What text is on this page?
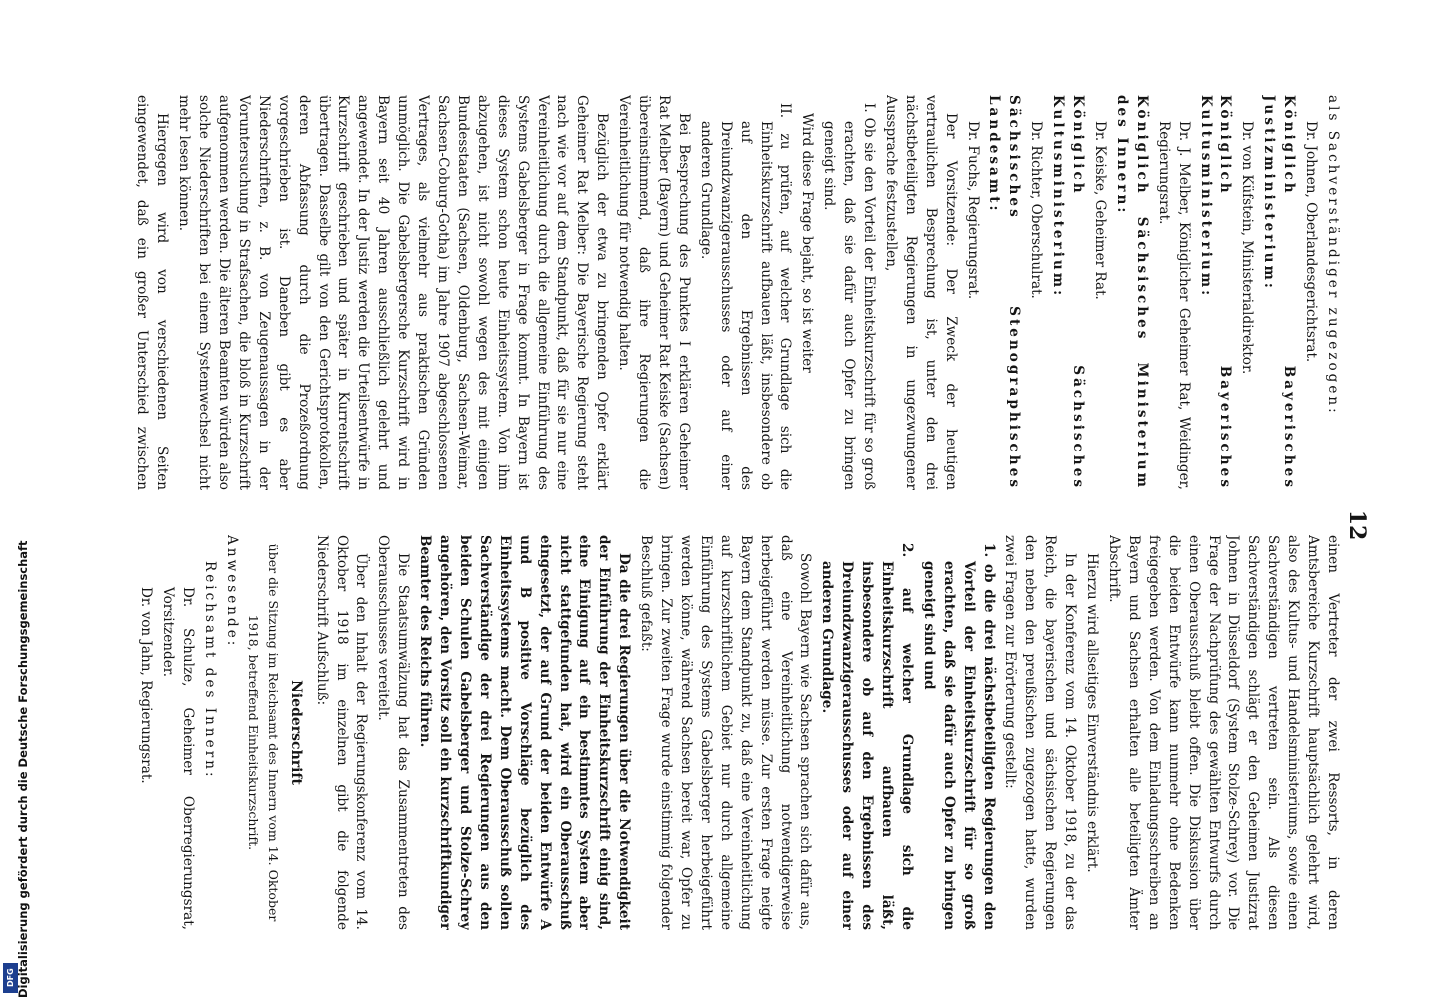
12

als Sachverständiger zugezogen:

Dr. Johnen, Oberlandesgerichtsrat.

Königlich Bayerisches Justizministerium:

Dr. von Küfstein, Ministerialdirektor.

Königlich Bayerisches Kultusministerium:

Dr. J. Melber, Königlicher Geheimer Rat, Weidinger, Regierungsrat.

Königlich Sächsisches Ministerium des Innern:

Dr. Keiske, Geheimer Rat.

Königlich Sächsisches Kultusministerium:

Dr. Richter, Oberschulrat.

Sächsisches Stenographisches Landesamt:

Dr. Fuchs, Regierungsrat.

Der Vorsitzende: Der Zweck der heutigen vertraulichen Besprechung ist, unter den drei nächstbeteiligten Regierungen in ungezwungener Aussprache festzustellen,

I. Ob sie den Vorteil der Einheitskurzschrift für so groß erachten, daß sie dafür auch Opfer zu bringen geneigt sind.

Wird diese Frage bejaht, so ist weiter

II. zu prüfen, auf welcher Grundlage sich die Einheitskurzschrift aufbauen läßt, insbesondere ob auf den Ergebnissen des Dreiundzwanzigerausschusses oder auf einer anderen Grundlage.

Bei Besprechung des Punktes I erklären Geheimer Rat Melber (Bayern) und Geheimer Rat Keiske (Sachsen) übereinstimmend, daß ihre Regierungen die Vereinheitlichung für notwendig halten.

Bezüglich der etwa zu bringenden Opfer erklärt Geheimer Rat Melber: Die Bayerische Regierung steht nach wie vor auf dem Standpunkt, daß für sie nur eine Vereinheitlichung durch die allgemeine Einführung des Systems Gabelsberger in Frage kommt. In Bayern ist dieses System schon heute Einheitssystem. Von ihm abzugehen, ist nicht sowohl wegen des mit einigen Bundesstaaten (Sachsen, Oldenburg, Sachsen-Weimar, Sachsen-Coburg-Gotha) im Jahre 1907 abgeschlossenen Vertrages, als vielmehr aus praktischen Gründen unmöglich. Die Gabelsbergersche Kurzschrift wird in Bayern seit 40 Jahren ausschließlich gelehrt und angewendet. In der Justiz werden die Urteilsentwürfe in Kurzschrift geschrieben und später in Kurrentschrift übertragen. Dasselbe gilt von den Gerichtsprotokollen, deren Abfassung durch die Prozeßordnung vorgeschrieben ist. Daneben gibt es aber Niederschriften, z. B. von Zeugenaussagen in der Voruntersuchung in Strafsachen, die bloß in Kurzschrift aufgenommen werden. Die älteren Beamten würden also solche Niederschriften bei einem Systemwechsel nicht mehr lesen können.

Hiergegen wird von verschiedenen Seiten eingewendet, daß ein großer Unterschied zwischen

einen Vertreter der zwei Ressorts, in deren Amtsbereiche Kurzschrift hauptsächlich gelehrt wird, also des Kultus- und Handelsministeriums, sowie einen Sachverständigen vertreten sein. Als diesen Sachverständigen schlägt er den Geheimen Justizrat Johnen in Düsseldorf (System Stolze-Schrey) vor. Die Frage der Nachprüfung des gewählten Entwurfs durch einen Oberausschuß bleibt offen. Die Diskussion über die beiden Entwürfe kann nunmehr ohne Bedenken freigegeben werden. Von dem Einladungsschreiben an Bayern und Sachsen erhalten alle beteiligten Ämter Abschrift.

Hierzu wird allseitiges Einverständnis erklärt.

In der Konferenz vom 14. Oktober 1918, zu der das Reich, die bayerischen und sächsischen Regierungen den neben den preußischen zugezogen hatte, wurden zwei Fragen zur Erörterung gestellt:

1. ob die drei nächstbeteiligten Regierungen den Vorteil der Einheitskurzschrift für so groß erachten, daß sie dafür auch Opfer zu bringen geneigt sind und

2. auf welcher Grundlage sich die Einheitskurzschrift aufbauen läßt, insbesondere ob auf den Ergebnissen des Dreiundzwanzigerausschusses oder auf einer anderen Grundlage.

Sowohl Bayern wie Sachsen sprachen sich dafür aus, daß eine Vereinheitlichung notwendigerweise herbeigeführt werden müsse. Zur ersten Frage neigte Bayern dem Standpunkt zu, daß eine Vereinheitlichung auf kurzschriftlichem Gebiet nur durch allgemeine Einführung des Systems Gabelsberger herbeigeführt werden könne, während Sachsen bereit war, Opfer zu bringen. Zur zweiten Frage wurde einstimmig folgender Beschluß gefaßt:

Da die drei Regierungen über die Notwendigkeit der Einführung der Einheitskurzschrift einig sind, eine Einigung auf ein bestimmtes System aber nicht stattgefunden hat, wird ein Oberausschuß eingesetzt, der auf Grund der beiden Entwürfe A und B positive Vorschläge bezüglich des Einheitssystems macht. Dem Oberausschuß sollen Sachverständige der drei Regierungen aus den beiden Schulen Gabelsberger und Stolze-Schrey angehören, den Vorsitz soll ein kurzschriftkundiger Beamter des Reichs führen.

Die Staatsumwälzung hat das Zusammentreten des Oberausschusses vereitelt.

Über den Inhalt der Regierungskonferenz vom 14. Oktober 1918 im einzelnen gibt die folgende Niederschrift Aufschluß:

Niederschrift

über die Sitzung im Reichsamt des Innern vom 14. Oktober 1918, betreffend Einheitskurzschrift.

Anwesende:

Reichsamt des Innern:

Dr. Schulze, Geheimer Oberregierungsrat, Vorsitzender.

Dr. von Jahn, Regierungsrat.

DFG Digitalisierung gefördert durch die Deutsche Forschungsgemeinschaft
